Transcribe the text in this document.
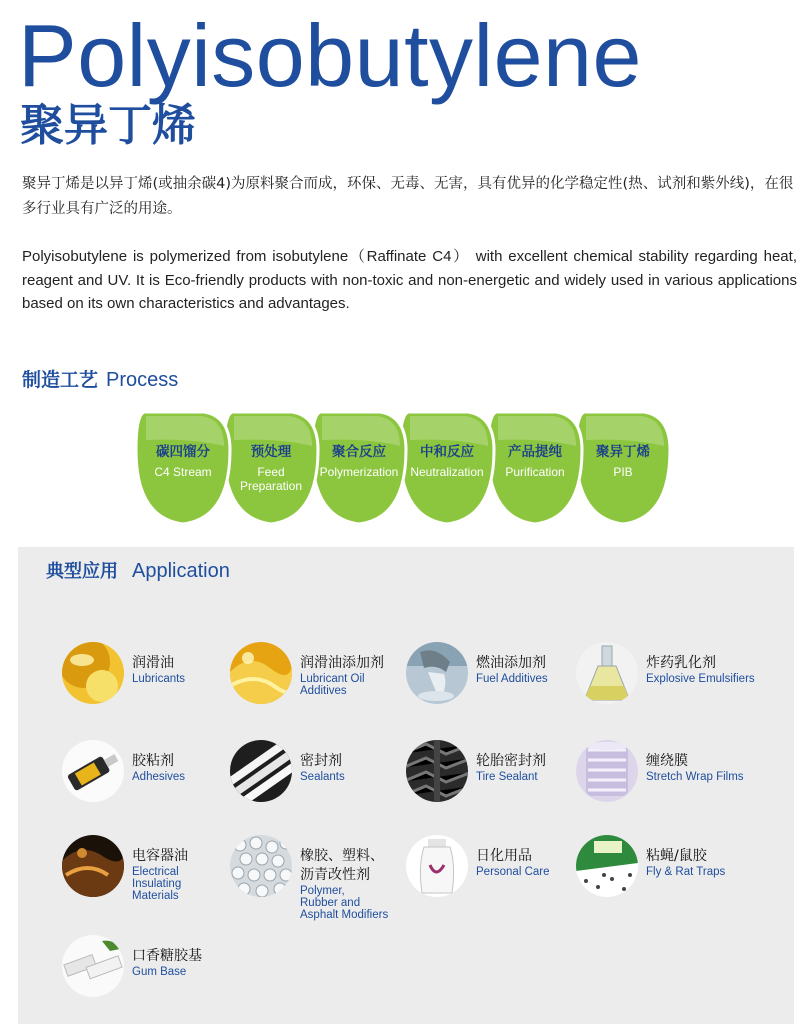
Polyisobutylene
聚异丁烯

聚异丁烯是以异丁烯(或抽余碳4)为原料聚合而成，环保、无毒、无害，具有优异的化学稳定性(热、试剂和紫外线)，在很多行业具有广泛的用途。

Polyisobutylene is polymerized from isobutylene（Raffinate C4） with excellent chemical stability regarding heat, reagent and UV. It is Eco-friendly products with non-toxic and non-energetic and widely used in various applications based on its own characteristics and advantages.

制造工艺 Process
碳四馏分
C4 Stream
预处理
Feed
Preparation
聚合反应
Polymerization
中和反应
Neutralization
产品提纯
Purification
聚异丁烯
PIB
典型应用 Application
润滑油
Lubricants
润滑油添加剂
Lubricant Oil
Additives
燃油添加剂
Fuel Additives
炸药乳化剂
Explosive Emulsifiers
胶粘剂
Adhesives
密封剂
Sealants
轮胎密封剂
Tire Sealant
缠绕膜
Stretch Wrap Films
电容器油
Electrical
Insulating
Materials
橡胶、塑料、
沥青改性剂
Polymer,
Rubber and
Asphalt Modifiers
日化用品
Personal Care
粘蝇/鼠胶
Fly & Rat Traps
口香糖胶基
Gum Base
